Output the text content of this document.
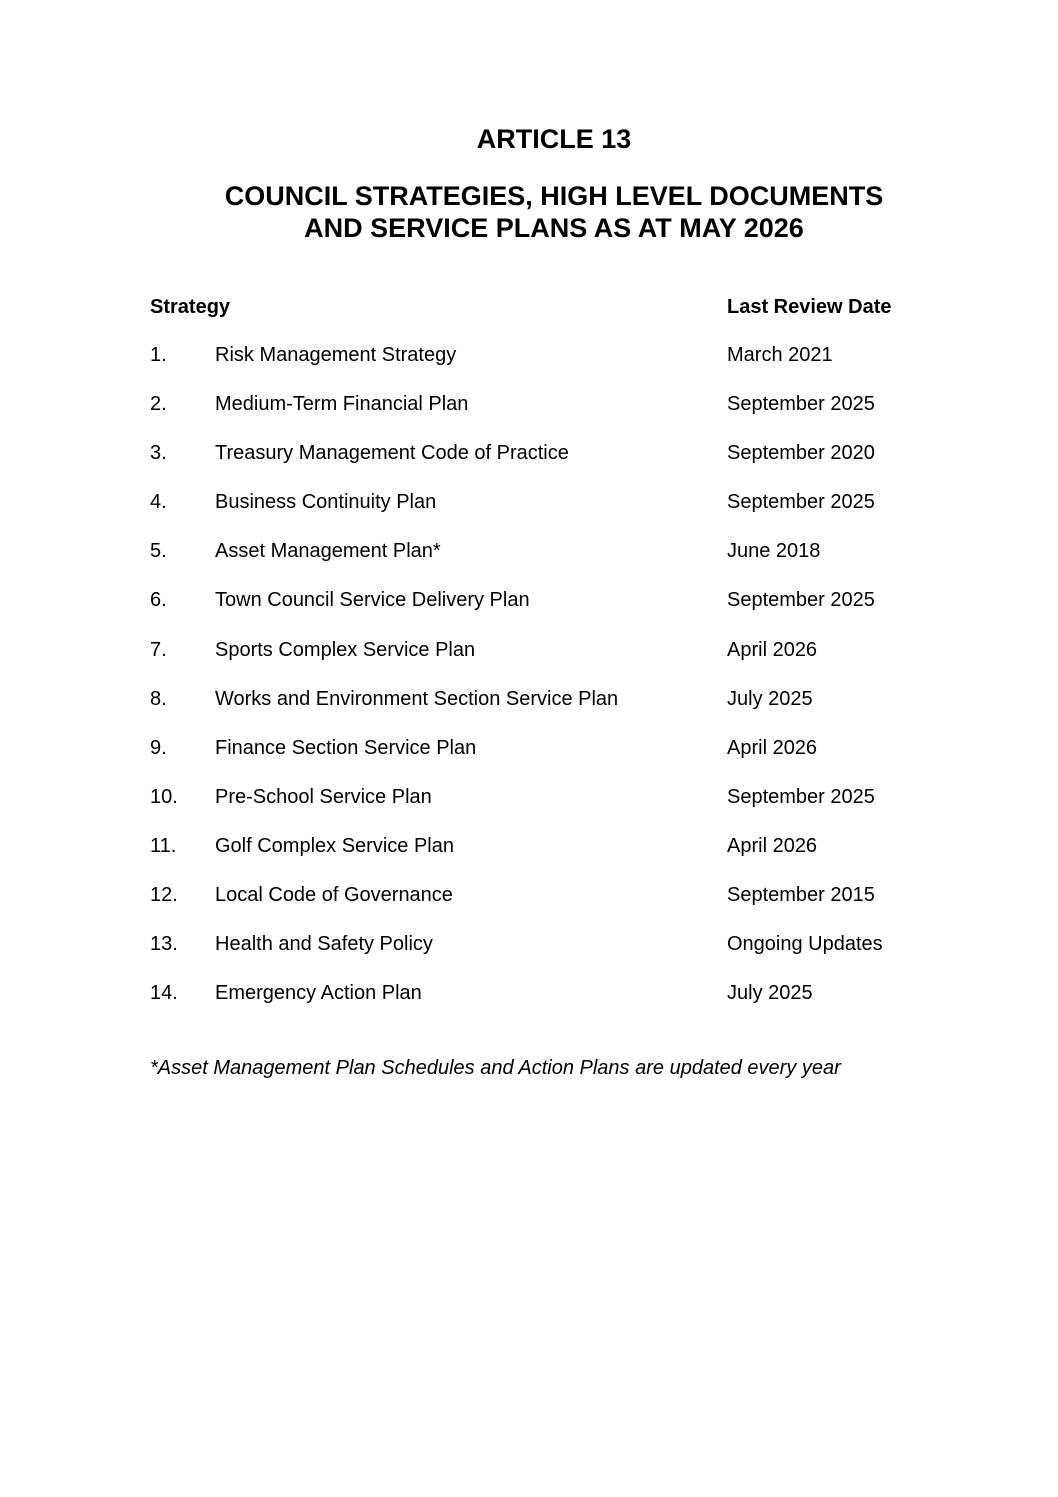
ARTICLE 13
COUNCIL STRATEGIES, HIGH LEVEL DOCUMENTS
AND SERVICE PLANS AS AT MAY 2026
Strategy	Last Review Date
1. Risk Management Strategy	March 2021
2. Medium-Term Financial Plan	September 2025
3. Treasury Management Code of Practice	September 2020
4. Business Continuity Plan	September 2025
5. Asset Management Plan*	June 2018
6. Town Council Service Delivery Plan	September 2025
7. Sports Complex Service Plan	April 2026
8. Works and Environment Section Service Plan	July 2025
9. Finance Section Service Plan	April 2026
10. Pre-School Service Plan	September 2025
11. Golf Complex Service Plan	April 2026
12. Local Code of Governance	September 2015
13. Health and Safety Policy	Ongoing Updates
14. Emergency Action Plan	July 2025
*Asset Management Plan Schedules and Action Plans are updated every year
